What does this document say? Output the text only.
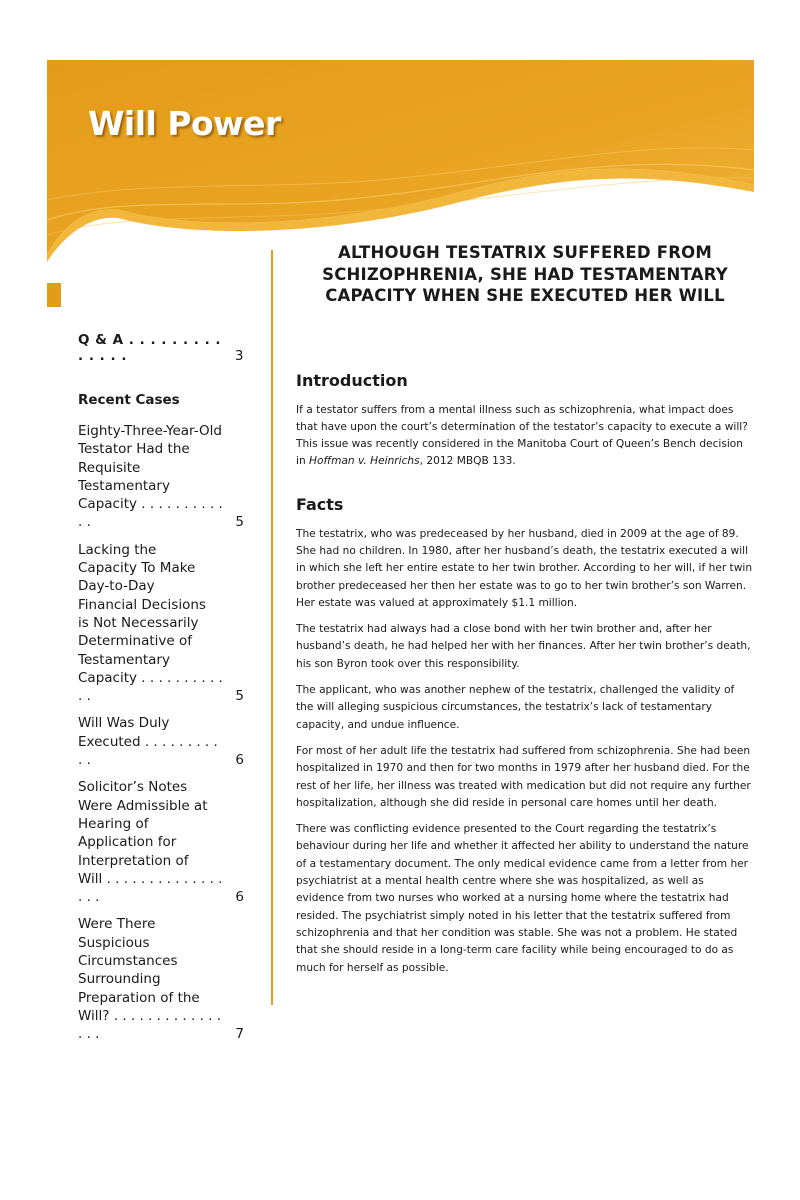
Will Power
Q & A . . . . . . . . . . . . . .	3
Recent Cases
Eighty-Three-Year-Old
Testator Had the
Requisite
Testamentary
Capacity . . . . . . . . . . . .	5
Lacking the
Capacity To Make
Day-to-Day
Financial Decisions
is Not Necessarily
Determinative of
Testamentary
Capacity . . . . . . . . . . . .	5
Will Was Duly
Executed . . . . . . . . . . .	6
Solicitor’s Notes
Were Admissible at
Hearing of
Application for
Interpretation of
Will . . . . . . . . . . . . . . . . .	6
Were There
Suspicious
Circumstances
Surrounding
Preparation of the
Will? . . . . . . . . . . . . . . . .	7
ALTHOUGH TESTATRIX SUFFERED FROM SCHIZOPHRENIA, SHE HAD TESTAMENTARY CAPACITY WHEN SHE EXECUTED HER WILL
Introduction

If a testator suffers from a mental illness such as schizophrenia, what impact does that have upon the court’s determination of the testator’s capacity to execute a will? This issue was recently considered in the Manitoba Court of Queen’s Bench decision in Hoffman v. Heinrichs, 2012 MBQB 133.

Facts

The testatrix, who was predeceased by her husband, died in 2009 at the age of 89. She had no children. In 1980, after her husband’s death, the testatrix executed a will in which she left her entire estate to her twin brother. According to her will, if her twin brother predeceased her then her estate was to go to her twin brother’s son Warren. Her estate was valued at approximately $1.1 million.

The testatrix had always had a close bond with her twin brother and, after her husband’s death, he had helped her with her finances. After her twin brother’s death, his son Byron took over this responsibility.

The applicant, who was another nephew of the testatrix, challenged the validity of the will alleging suspicious circumstances, the testatrix’s lack of testamentary capacity, and undue influence.

For most of her adult life the testatrix had suffered from schizophrenia. She had been hospitalized in 1970 and then for two months in 1979 after her husband died. For the rest of her life, her illness was treated with medication but did not require any further hospitalization, although she did reside in personal care homes until her death.

There was conflicting evidence presented to the Court regarding the testatrix’s behaviour during her life and whether it affected her ability to understand the nature of a testamentary document. The only medical evidence came from a letter from her psychiatrist at a mental health centre where she was hospitalized, as well as evidence from two nurses who worked at a nursing home where the testatrix had resided. The psychiatrist simply noted in his letter that the testatrix suffered from schizophrenia and that her condition was stable. She was not a problem. He stated that she should reside in a long-term care facility while being encouraged to do as much for herself as possible.
